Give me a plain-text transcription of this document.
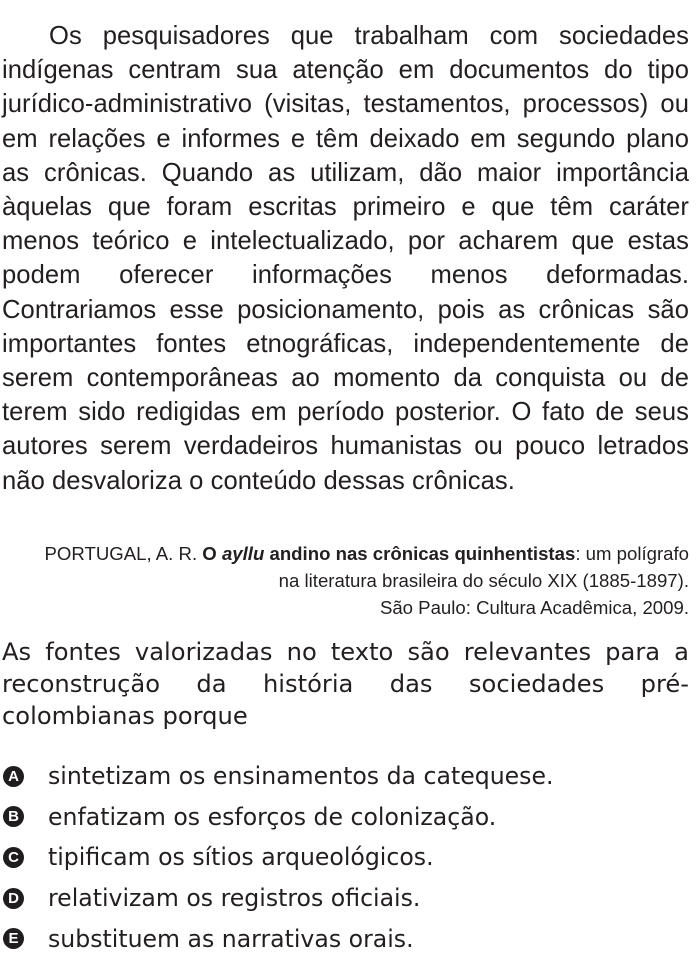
Os pesquisadores que trabalham com sociedades indígenas centram sua atenção em documentos do tipo jurídico-administrativo (visitas, testamentos, processos) ou em relações e informes e têm deixado em segundo plano as crônicas. Quando as utilizam, dão maior importância àquelas que foram escritas primeiro e que têm caráter menos teórico e intelectualizado, por acharem que estas podem oferecer informações menos deformadas. Contrariamos esse posicionamento, pois as crônicas são importantes fontes etnográficas, independentemente de serem contemporâneas ao momento da conquista ou de terem sido redigidas em período posterior. O fato de seus autores serem verdadeiros humanistas ou pouco letrados não desvaloriza o conteúdo dessas crônicas.

PORTUGAL, A. R. O ayllu andino nas crônicas quinhentistas: um polígrafo na literatura brasileira do século XIX (1885-1897).
São Paulo: Cultura Acadêmica, 2009.

As fontes valorizadas no texto são relevantes para a reconstrução da história das sociedades pré-colombianas porque

A sintetizam os ensinamentos da catequese.
B enfatizam os esforços de colonização.
C tipificam os sítios arqueológicos.
D relativizam os registros oficiais.
E substituem as narrativas orais.
